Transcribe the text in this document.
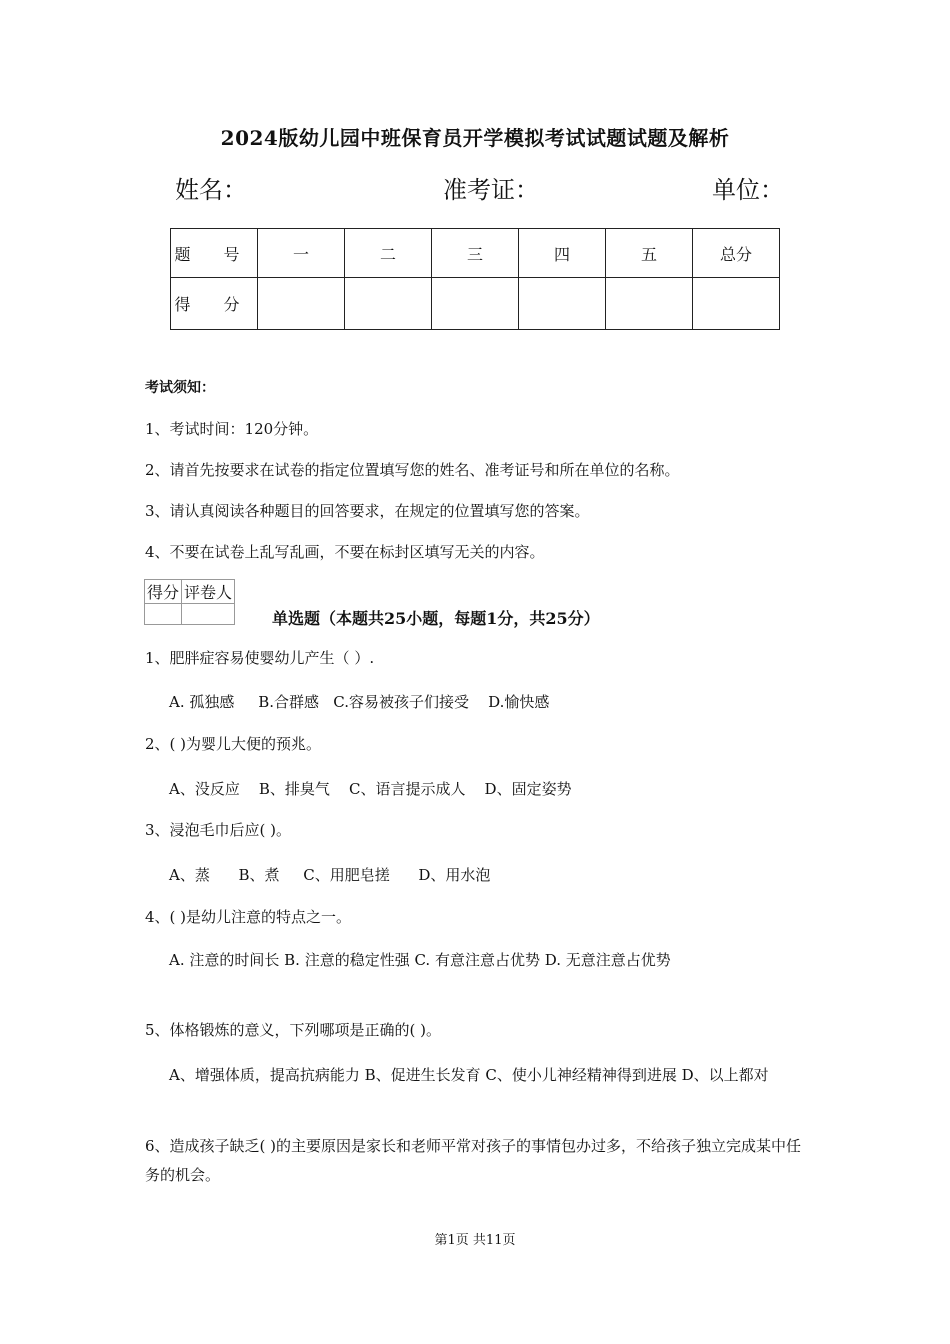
2024版幼儿园中班保育员开学模拟考试试题试题及解析
姓名：	准考证：	单位：
题 号	一	二	三	四	五	总分
得 分						
考试须知：
1、考试时间：120分钟。
2、请首先按要求在试卷的指定位置填写您的姓名、准考证号和所在单位的名称。
3、请认真阅读各种题目的回答要求，在规定的位置填写您的答案。
4、不要在试卷上乱写乱画，不要在标封区填写无关的内容。
得分	评卷人

单选题（本题共25小题，每题1分，共25分）
1、肥胖症容易使婴幼儿产生（ ）.
A. 孤独感     B.合群感   C.容易被孩子们接受    D.愉快感
2、( )为婴儿大便的预兆。
A、没反应    B、排臭气    C、语言提示成人    D、固定姿势
3、浸泡毛巾后应( )。
A、蒸      B、煮     C、用肥皂搓      D、用水泡
4、( )是幼儿注意的特点之一。
A. 注意的时间长 B. 注意的稳定性强 C. 有意注意占优势 D. 无意注意占优势
5、体格锻炼的意义，下列哪项是正确的( )。
A、增强体质，提高抗病能力 B、促进生长发育 C、使小儿神经精神得到进展 D、以上都对
6、造成孩子缺乏( )的主要原因是家长和老师平常对孩子的事情包办过多，不给孩子独立完成某中任务的机会。
第1页 共11页
